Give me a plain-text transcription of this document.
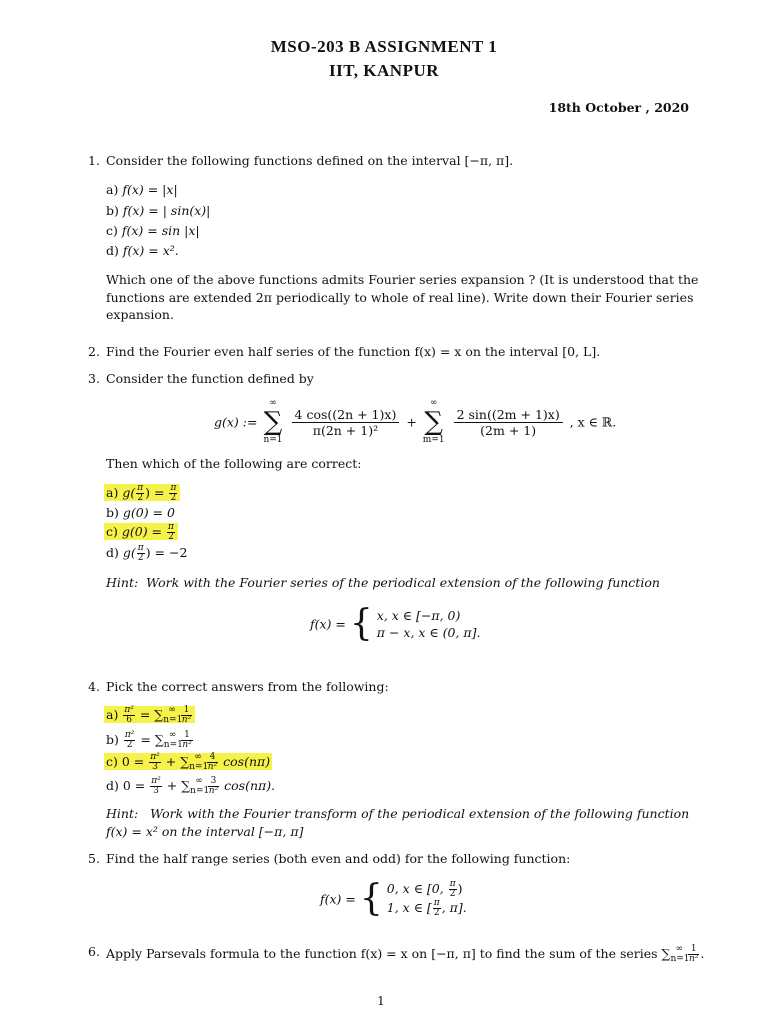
MSO-203 B ASSIGNMENT 1
IIT, KANPUR
18th October , 2020
1. Consider the following functions defined on the interval [−π, π].
a) f(x) = |x|
b) f(x) = | sin(x)|
c) f(x) = sin |x|
d) f(x) = x².
Which one of the above functions admits Fourier series expansion ? (It is understood that the
functions are extended 2π periodically to whole of real line). Write down their Fourier series
expansion.
2. Find the Fourier even half series of the function f(x) = x on the interval [0, L].
3. Consider the function defined by
g(x) :=
∞
∑
n=1

$\frac{4 \cos((2n + 1)x)}{\text{π(2n + 1)²}}$ +
∞
∑
m=1

$\frac{2 \sin((2m + 1)x)}{(2m + 1)}$ , x ∈ ℝ.
Then which of the following are correct:
a) $g( \frac{\pi}{2}$ ) = $\frac{\pi}{2}$
b) g(0) = 0
c) $g(0) = \frac{\pi}{2}$
d) $g( \frac{\pi}{2}$ ) = −2
Hint: Work with the Fourier series of the periodical extension of the following function
f(x) = { x, x ∈ [−π, 0)
π − x, x ∈ (0, π].
4. Pick the correct answers from the following:
$a) \frac{\text{π²}}{6} = \sum_{n=1}^\infty \frac{1}{\text{n²}}$
$b) \frac{\text{π²}}{2} = \sum_{n=1}^\infty \frac{1}{\text{n²}}$
c) $0 = \frac{\text{π²}}{3} + \sum_{n=1}^\infty \frac{4}{\text{n²}} \cos(n\pi)$
d) $0 = \frac{\text{π²}}{3} + \sum_{n=1}^\infty \frac{3}{\text{n²}} \cos(n\pi)$.
Hint: Work with the Fourier transform of the periodical extension of the following function
f(x) = x² on the interval [−π, π]
5. Find the half range series (both even and odd) for the following function:
f(x) = { 0, x ∈ [0, $\frac{\pi}{2}$ )
1, x ∈ [ $\frac{\pi}{2}$ , π].
6. Apply Parsevals formula to the function f(x) = x on [−π, π] to find the sum of the series $\sum_{n=1}^\infty \frac{1}{\text{n²}}$ .
1
